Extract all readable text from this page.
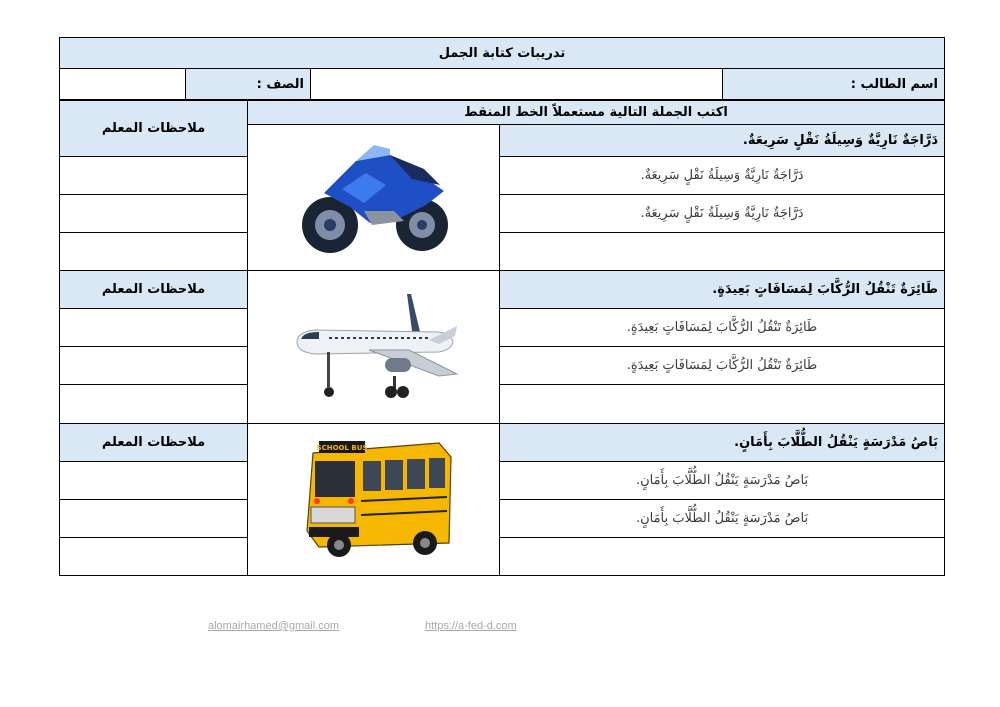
تدريبات كتابة الجمل
	الصف :		اسم الطالب :
ملاحظات المعلم	اكتب الجملة التالية مستعملاً الخط المنقط	

	دَرَّاجَةٌ نَارِيَّةٌ وَسِيلَةُ نَقْلٍ سَرِيعَةٌ.
		دَرَّاجَةٌ نَارِيَّةٌ وَسِيلَةُ نَقْلٍ سَرِيعَةٌ.
		دَرَّاجَةٌ نَارِيَّةٌ وَسِيلَةُ نَقْلٍ سَرِيعَةٌ.

ملاحظات المعلم		طَائِرَةٌ تَنْقُلُ الرُّكَّابَ لِمَسَافَاتٍ بَعِيدَةٍ.
		طَائِرَةٌ تَنْقُلُ الرُّكَّابَ لِمَسَافَاتٍ بَعِيدَةٍ.
		طَائِرَةٌ تَنْقُلُ الرُّكَّابَ لِمَسَافَاتٍ بَعِيدَةٍ.

ملاحظات المعلم	SCHOOL BUS	بَاصُ مَدْرَسَةٍ يَنْقُلُ الطُّلَّابَ بِأَمَانٍ.
		بَاصُ مَدْرَسَةٍ يَنْقُلُ الطُّلَّابَ بِأَمَانٍ.
		بَاصُ مَدْرَسَةٍ يَنْقُلُ الطُّلَّابَ بِأَمَانٍ.

alomairhamed@gmail.com	https://a-fed-d.com
